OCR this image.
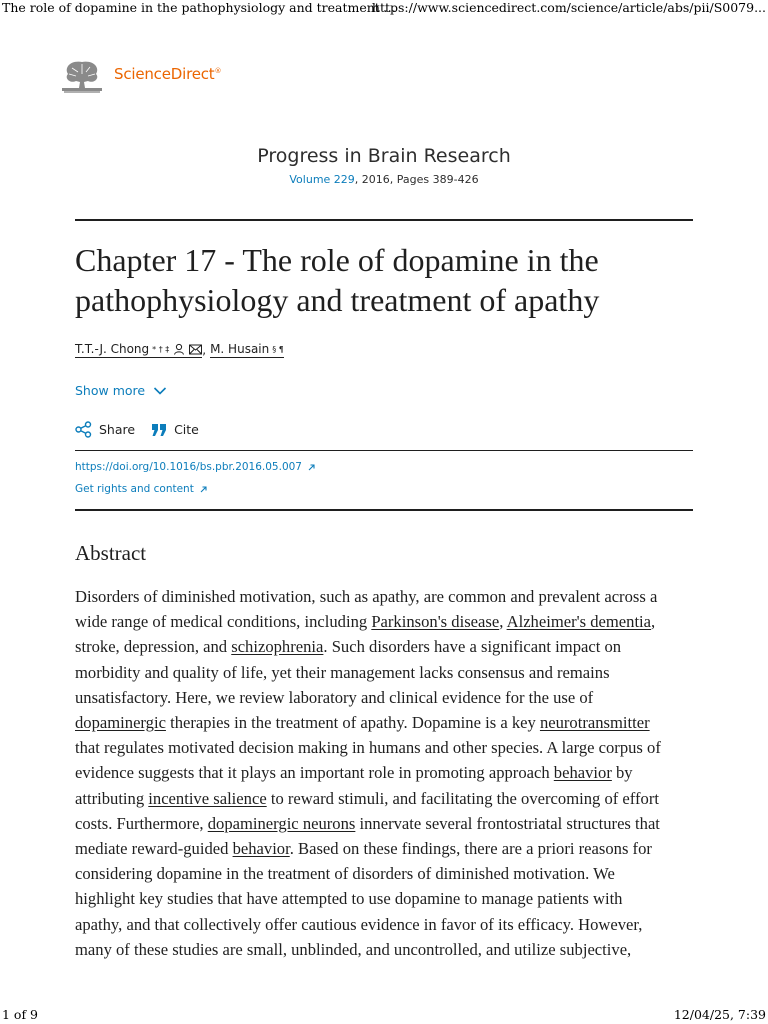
The role of dopamine in the pathophysiology and treatment ...
https://www.sciencedirect.com/science/article/abs/pii/S0079...
ScienceDirect®
Progress in Brain Research
Volume 229, 2016, Pages 389-426
Chapter 17 - The role of dopamine in the pathophysiology and treatment of apathy
T.T.-J. Chong * † ‡	, M. Husain § ¶
Show more
Share	Cite
https://doi.org/10.1016/bs.pbr.2016.05.007
Get rights and content
Abstract

Disorders of diminished motivation, such as apathy, are common and prevalent across a
wide range of medical conditions, including Parkinson's disease, Alzheimer's dementia,
stroke, depression, and schizophrenia. Such disorders have a significant impact on
morbidity and quality of life, yet their management lacks consensus and remains
unsatisfactory. Here, we review laboratory and clinical evidence for the use of
dopaminergic therapies in the treatment of apathy. Dopamine is a key neurotransmitter
that regulates motivated decision making in humans and other species. A large corpus of
evidence suggests that it plays an important role in promoting approach behavior by
attributing incentive salience to reward stimuli, and facilitating the overcoming of effort
costs. Furthermore, dopaminergic neurons innervate several frontostriatal structures that
mediate reward-guided behavior. Based on these findings, there are a priori reasons for
considering dopamine in the treatment of disorders of diminished motivation. We
highlight key studies that have attempted to use dopamine to manage patients with
apathy, and that collectively offer cautious evidence in favor of its efficacy. However,
many of these studies are small, unblinded, and uncontrolled, and utilize subjective,

1 of 9	12/04/25, 7:39
